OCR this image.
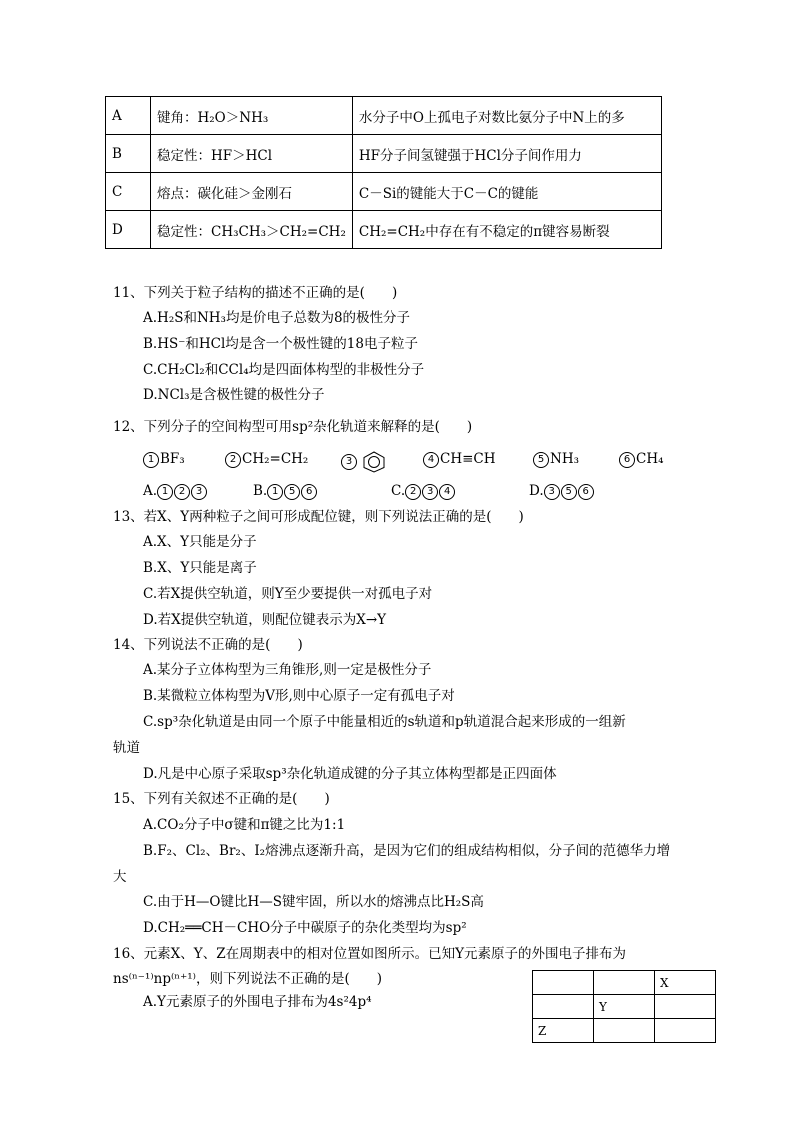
A	键角：H₂O＞NH₃	水分子中O上孤电子对数比氨分子中N上的多
B	稳定性：HF＞HCl	HF分子间氢键强于HCl分子间作用力
C	熔点：碳化硅＞金刚石	C－Si的键能大于C－C的键能
D	稳定性：CH₃CH₃＞CH₂=CH₂	CH₂=CH₂中存在有不稳定的π键容易断裂
11、下列关于粒子结构的描述不正确的是(　　)
A.H₂S和NH₃均是价电子总数为8的极性分子
B.HS⁻和HCl均是含一个极性键的18电子粒子
C.CH₂Cl₂和CCl₄均是四面体构型的非极性分子
D.NCl₃是含极性键的极性分子
12、下列分子的空间构型可用sp²杂化轨道来解释的是(　　)
1 BF₃	2 CH₂=CH₂	3	4 CH≡CH	5 NH₃	6 CH₄
A. 1 2 3	B. 1 5 6	C. 2 3 4	D. 3 5 6
13、若X、Y两种粒子之间可形成配位键，则下列说法正确的是(　　)
A.X、Y只能是分子
B.X、Y只能是离子
C.若X提供空轨道，则Y至少要提供一对孤电子对
D.若X提供空轨道，则配位键表示为X→Y
14、下列说法不正确的是(　　)
A.某分子立体构型为三角锥形,则一定是极性分子
B.某微粒立体构型为V形,则中心原子一定有孤电子对
C.sp³杂化轨道是由同一个原子中能量相近的s轨道和p轨道混合起来形成的一组新
轨道
D.凡是中心原子采取sp³杂化轨道成键的分子其立体构型都是正四面体
15、下列有关叙述不正确的是(　　)
A.CO₂分子中σ键和π键之比为1:1
B.F₂、Cl₂、Br₂、I₂熔沸点逐渐升高，是因为它们的组成结构相似，分子间的范德华力增
大
C.由于H—O键比H—S键牢固，所以水的熔沸点比H₂S高
D.CH₂══CH－CHO分子中碳原子的杂化类型均为sp²
16、元素X、Y、Z在周期表中的相对位置如图所示。已知Y元素原子的外围电子排布为
ns⁽ⁿ⁻¹⁾np⁽ⁿ⁺¹⁾，则下列说法不正确的是(　　)
A.Y元素原子的外围电子排布为4s²4p⁴
		X
	Y	
Z		
